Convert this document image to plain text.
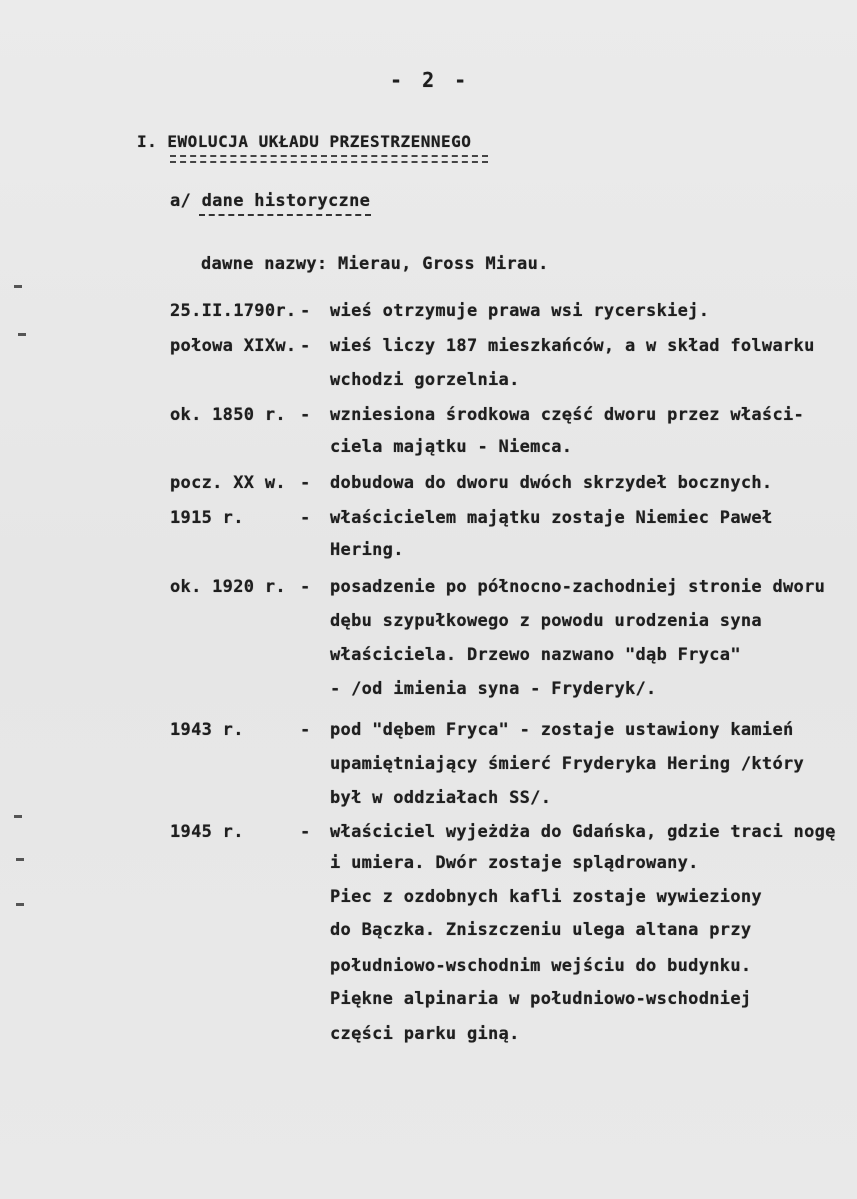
- 2 -
I. EWOLUCJA UKŁADU PRZESTRZENNEGO
a/ dane historyczne
dawne nazwy: Mierau, Gross Mirau.
25.II.1790r. - wieś otrzymuje prawa wsi rycerskiej.
połowa XIXw. - wieś liczy 187 mieszkańców, a w skład folwarku
wchodzi gorzelnia.
ok. 1850 r. - wzniesiona środkowa część dworu przez właści-
ciela majątku - Niemca.
pocz. XX w. - dobudowa do dworu dwóch skrzydeł bocznych.
1915 r.	- właścicielem majątku zostaje Niemiec Paweł
Hering.
ok. 1920 r. - posadzenie po północno-zachodniej stronie dworu
dębu szypułkowego z powodu urodzenia syna
właściciela. Drzewo nazwano "dąb Fryca"
- /od imienia syna - Fryderyk/.
1943 r.	- pod "dębem Fryca" - zostaje ustawiony kamień
upamiętniający śmierć Fryderyka Hering /który
był w oddziałach SS/.
1945 r.	- właściciel wyjeżdża do Gdańska, gdzie traci nogę
i umiera. Dwór zostaje splądrowany.
Piec z ozdobnych kafli zostaje wywieziony
do Bączka. Zniszczeniu ulega altana przy
południowo-wschodnim wejściu do budynku.
Piękne alpinaria w południowo-wschodniej
części parku giną.
